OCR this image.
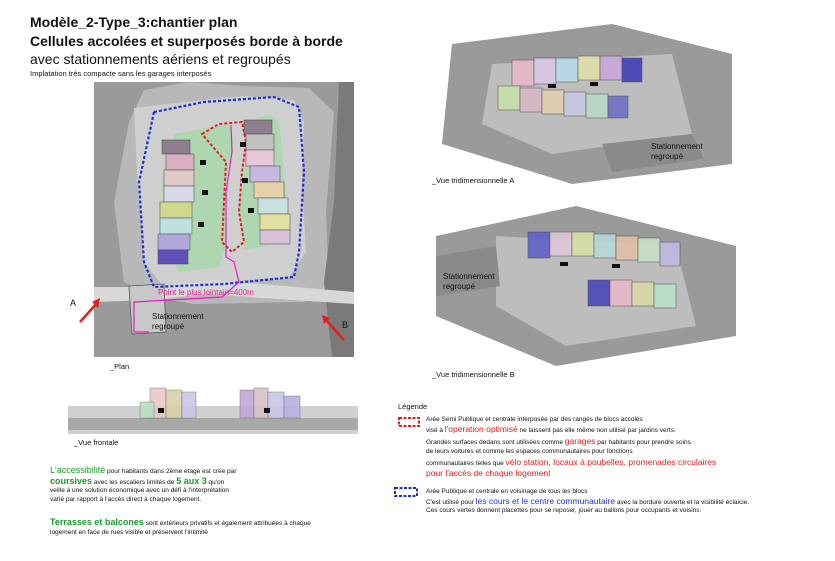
Modèle_2-Type_3:chantier plan
Cellules accolées et superposés borde à borde
avec stationnements aériens et regroupés
Implatation très compacte sans les garages interposés
Point le plus lointain=400m
Stationnement
regroupé
A
B
_Plan
_Vue frontale
Stationnement
regroupé
_Vue tridimensionnelle A
Stationnement
regroupé
_Vue tridimensionnelle B
L'accessibilité pour habitants dans 2ème étage est crée par
coursives avec les escaliers limités de 5 aux 3 qu'on
veille à une solution économique avec un défi à l'interprétation
varié par rapport à l'accès direct à chaque logement.
Terrasses et balcones sont extérieurs privatifs et également attribuées à chaque
logement en face de rues visible et préservent l'intimité
Légende
Arée Semi Publique et centrale interposée par des rangés de blocs accolés
visé à l'operation optimisé ne laissent pas elle même non utilisé par jardins verts.
Grandes surfaces dedans sont utilisées comme garages par habitants pour prendre soins
de leurs voitures et comme les espaces communautaires pour fonctions
communautaires telles que vélo station, locaux à poubelles, promenades circulaires
pour l'accès de chaque logement
Arée Publique et centrale en voisinage de tous les blocs
C'est utilisé pour les cours et le centre communautaire avec la bordure ouverte et la visibilité éclaicie.
Ces cours vertes donnent placettes pour se reposer, jouer au ballons pour occupants et voisins:
